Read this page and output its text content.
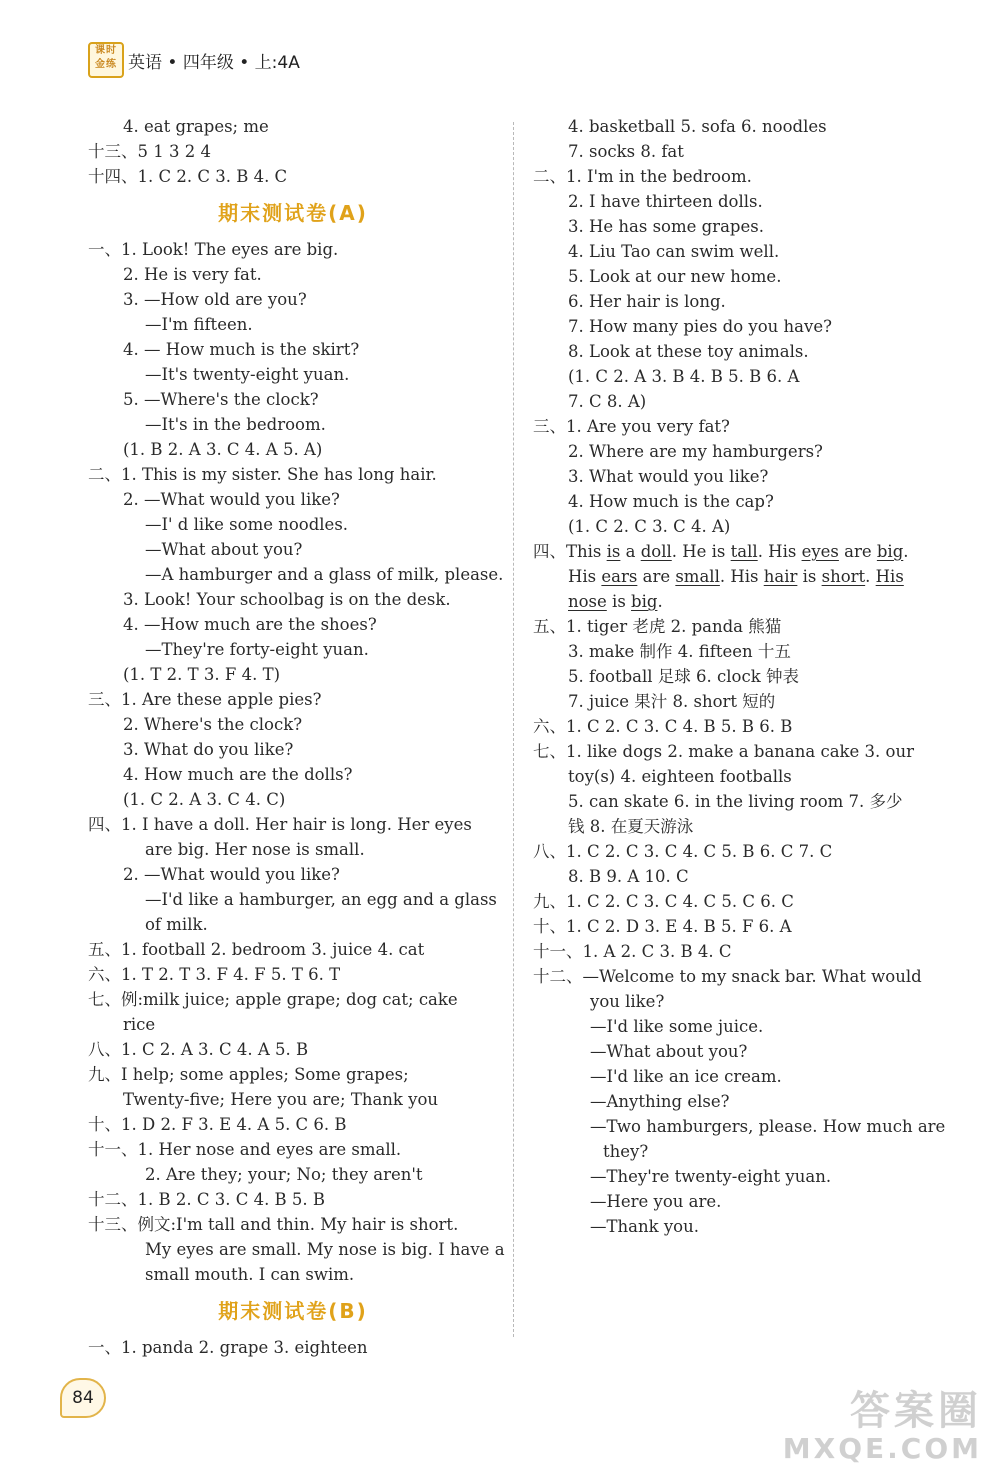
课时
金练 英语 • 四年级 • 上:4A
4. eat grapes; me
十三、5 1 3 2 4
十四、1. C 2. C 3. B 4. C
期末测试卷(A)
一、1. Look! The eyes are big.
2. He is very fat.
3. —How old are you?
—I'm fifteen.
4. — How much is the skirt?
—It's twenty-eight yuan.
5. —Where's the clock?
—It's in the bedroom.
(1. B 2. A 3. C 4. A 5. A)
二、1. This is my sister. She has long hair.
2. —What would you like?
—I' d like some noodles.
—What about you?
—A hamburger and a glass of milk, please.
3. Look! Your schoolbag is on the desk.
4. —How much are the shoes?
—They're forty-eight yuan.
(1. T 2. T 3. F 4. T)
三、1. Are these apple pies?
2. Where's the clock?
3. What do you like?
4. How much are the dolls?
(1. C 2. A 3. C 4. C)
四、1. I have a doll. Her hair is long. Her eyes
are big. Her nose is small.
2. —What would you like?
—I'd like a hamburger, an egg and a glass
of milk.
五、1. football 2. bedroom 3. juice 4. cat
六、1. T 2. T 3. F 4. F 5. T 6. T
七、例:milk juice; apple grape; dog cat; cake
rice
八、1. C 2. A 3. C 4. A 5. B
九、I help; some apples; Some grapes;
Twenty-five; Here you are; Thank you
十、1. D 2. F 3. E 4. A 5. C 6. B
十一、1. Her nose and eyes are small.
2. Are they; your; No; they aren't
十二、1. B 2. C 3. C 4. B 5. B
十三、例文:I'm tall and thin. My hair is short.
My eyes are small. My nose is big. I have a
small mouth. I can swim.
期末测试卷(B)
一、1. panda 2. grape 3. eighteen
4. basketball 5. sofa 6. noodles
7. socks 8. fat
二、1. I'm in the bedroom.
2. I have thirteen dolls.
3. He has some grapes.
4. Liu Tao can swim well.
5. Look at our new home.
6. Her hair is long.
7. How many pies do you have?
8. Look at these toy animals.
(1. C 2. A 3. B 4. B 5. B 6. A
7. C 8. A)
三、1. Are you very fat?
2. Where are my hamburgers?
3. What would you like?
4. How much is the cap?
(1. C 2. C 3. C 4. A)
四、This is a doll. He is tall. His eyes are big.
His ears are small. His hair is short. His
nose is big.
五、1. tiger 老虎 2. panda 熊猫
3. make 制作 4. fifteen 十五
5. football 足球 6. clock 钟表
7. juice 果汁 8. short 短的
六、1. C 2. C 3. C 4. B 5. B 6. B
七、1. like dogs 2. make a banana cake 3. our
toy(s) 4. eighteen footballs
5. can skate 6. in the living room 7. 多少
钱 8. 在夏天游泳
八、1. C 2. C 3. C 4. C 5. B 6. C 7. C
8. B 9. A 10. C
九、1. C 2. C 3. C 4. C 5. C 6. C
十、1. C 2. D 3. E 4. B 5. F 6. A
十一、1. A 2. C 3. B 4. C
十二、—Welcome to my snack bar. What would
you like?
—I'd like some juice.
—What about you?
—I'd like an ice cream.
—Anything else?
—Two hamburgers, please. How much are
they?
—They're twenty-eight yuan.
—Here you are.
—Thank you.
84	答案圈
MXQE.COM
